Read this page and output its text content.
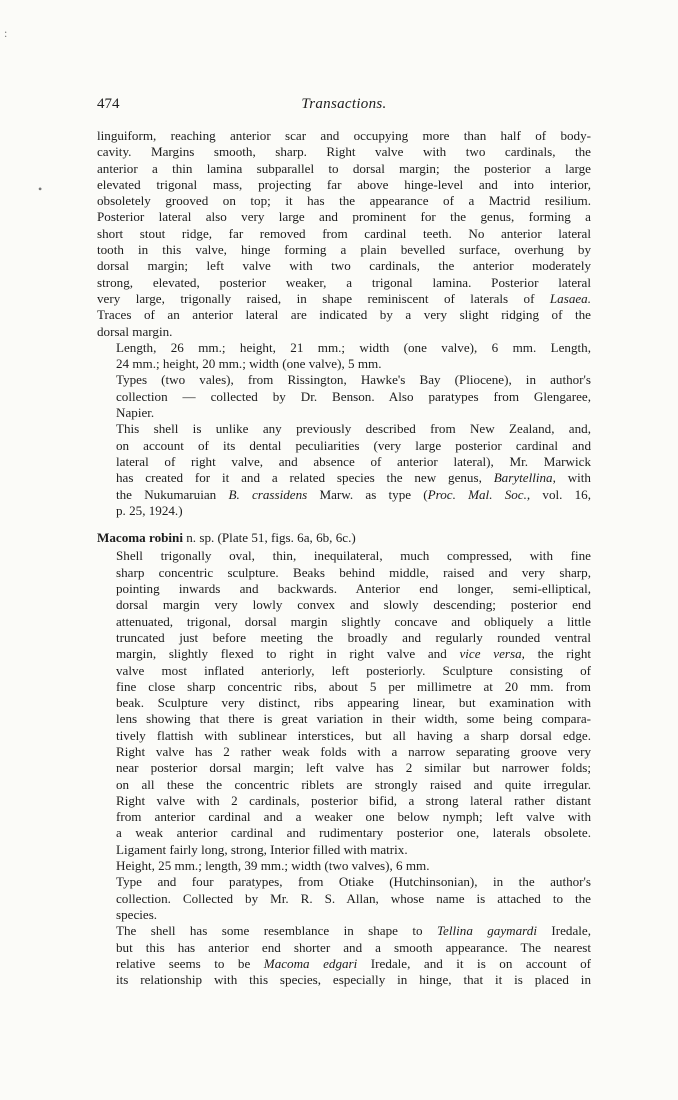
474	Transactions.

linguiform, reaching anterior scar and occupying more than half of body-
cavity. Margins smooth, sharp. Right valve with two cardinals, the
anterior a thin lamina subparallel to dorsal margin; the posterior a large
elevated trigonal mass, projecting far above hinge-level and into interior,
obsoletely grooved on top; it has the appearance of a Mactrid resilium.
Posterior lateral also very large and prominent for the genus, forming a
short stout ridge, far removed from cardinal teeth. No anterior lateral
tooth in this valve, hinge forming a plain bevelled surface, overhung by
dorsal margin; left valve with two cardinals, the anterior moderately
strong, elevated, posterior weaker, a trigonal lamina. Posterior lateral
very large, trigonally raised, in shape reminiscent of laterals of Lasaea.
Traces of an anterior lateral are indicated by a very slight ridging of the
dorsal margin.

Length, 26 mm.; height, 21 mm.; width (one valve), 6 mm. Length,
24 mm.; height, 20 mm.; width (one valve), 5 mm.

Types (two vales), from Rissington, Hawke's Bay (Pliocene), in author's
collection — collected by Dr. Benson. Also paratypes from Glengaree,
Napier.

This shell is unlike any previously described from New Zealand, and,
on account of its dental peculiarities (very large posterior cardinal and
lateral of right valve, and absence of anterior lateral), Mr. Marwick
has created for it and a related species the new genus, Barytellina, with
the Nukumaruian B. crassidens Marw. as type (Proc. Mal. Soc., vol. 16,
p. 25, 1924.)

Macoma robini n. sp. (Plate 51, figs. 6a, 6b, 6c.)

Shell trigonally oval, thin, inequilateral, much compressed, with fine
sharp concentric sculpture. Beaks behind middle, raised and very sharp,
pointing inwards and backwards. Anterior end longer, semi-elliptical,
dorsal margin very lowly convex and slowly descending; posterior end
attenuated, trigonal, dorsal margin slightly concave and obliquely a little
truncated just before meeting the broadly and regularly rounded ventral
margin, slightly flexed to right in right valve and vice versa, the right
valve most inflated anteriorly, left posteriorly. Sculpture consisting of
fine close sharp concentric ribs, about 5 per millimetre at 20 mm. from
beak. Sculpture very distinct, ribs appearing linear, but examination with
lens showing that there is great variation in their width, some being compara-
tively flattish with sublinear interstices, but all having a sharp dorsal edge.
Right valve has 2 rather weak folds with a narrow separating groove very
near posterior dorsal margin; left valve has 2 similar but narrower folds;
on all these the concentric riblets are strongly raised and quite irregular.
Right valve with 2 cardinals, posterior bifid, a strong lateral rather distant
from anterior cardinal and a weaker one below nymph; left valve with
a weak anterior cardinal and rudimentary posterior one, laterals obsolete.
Ligament fairly long, strong, Interior filled with matrix.

Height, 25 mm.; length, 39 mm.; width (two valves), 6 mm.

Type and four paratypes, from Otiake (Hutchinsonian), in the author's
collection. Collected by Mr. R. S. Allan, whose name is attached to the
species.

The shell has some resemblance in shape to Tellina gaymardi Iredale,
but this has anterior end shorter and a smooth appearance. The nearest
relative seems to be Macoma edgari Iredale, and it is on account of
its relationship with this species, especially in hinge, that it is placed in

:
•
